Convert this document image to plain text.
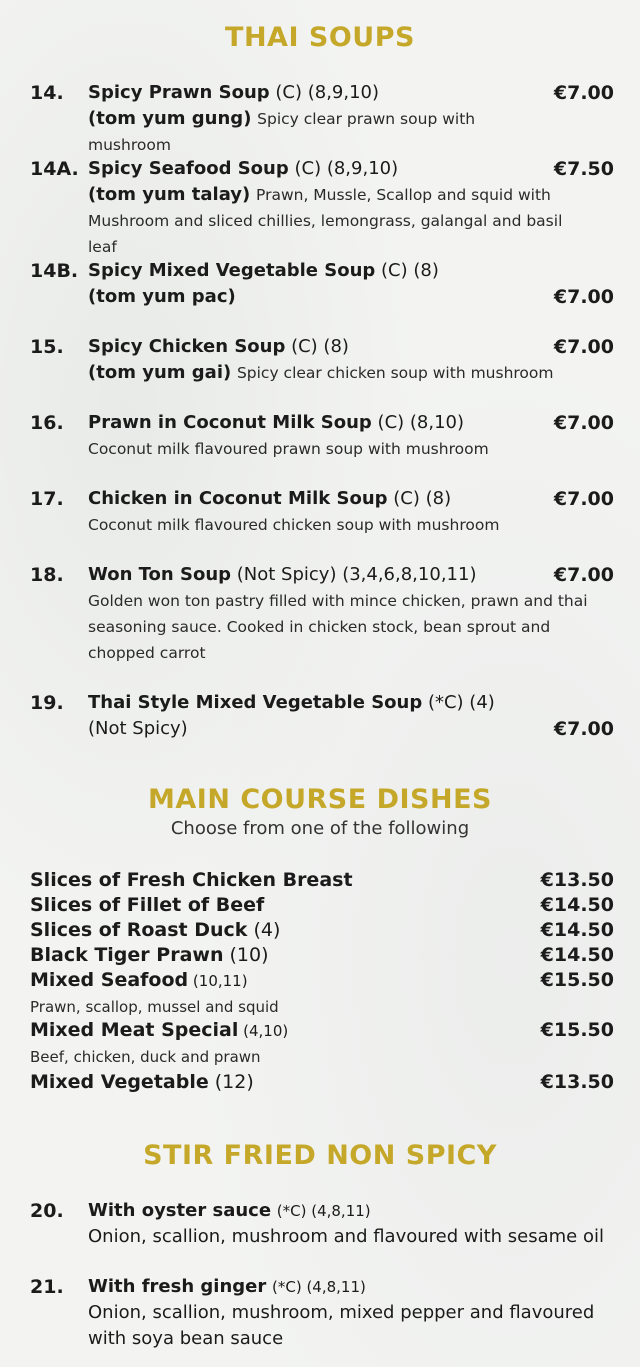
THAI SOUPS
14. Spicy Prawn Soup (C) (8,9,10)
(tom yum gung) Spicy clear prawn soup with mushroom
€7.00
14A. Spicy Seafood Soup (C) (8,9,10)
(tom yum talay) Prawn, Mussle, Scallop and squid with
Mushroom and sliced chillies, lemongrass, galangal and basil leaf
€7.50
14B. Spicy Mixed Vegetable Soup (C) (8)
(tom yum pac)	€7.00
15. Spicy Chicken Soup (C) (8)
(tom yum gai) Spicy clear chicken soup with mushroom
€7.00
16. Prawn in Coconut Milk Soup (C) (8,10)
Coconut milk flavoured prawn soup with mushroom
€7.00
17. Chicken in Coconut Milk Soup (C) (8)
Coconut milk flavoured chicken soup with mushroom
€7.00
18. Won Ton Soup (Not Spicy) (3,4,6,8,10,11)
Golden won ton pastry filled with mince chicken, prawn and thai
seasoning sauce. Cooked in chicken stock, bean sprout and
chopped carrot
€7.00
19. Thai Style Mixed Vegetable Soup (*C) (4)
(Not Spicy)	€7.00
MAIN COURSE DISHES
Choose from one of the following
Slices of Fresh Chicken Breast	€13.50
Slices of Fillet of Beef	€14.50
Slices of Roast Duck (4)	€14.50
Black Tiger Prawn (10)	€14.50
Mixed Seafood (10,11)	€15.50
Prawn, scallop, mussel and squid
Mixed Meat Special (4,10)	€15.50
Beef, chicken, duck and prawn
Mixed Vegetable (12)	€13.50
STIR FRIED NON SPICY
20. With oyster sauce (*C) (4,8,11)
Onion, scallion, mushroom and flavoured with sesame oil
21. With fresh ginger (*C) (4,8,11)
Onion, scallion, mushroom, mixed pepper and flavoured
with soya bean sauce
